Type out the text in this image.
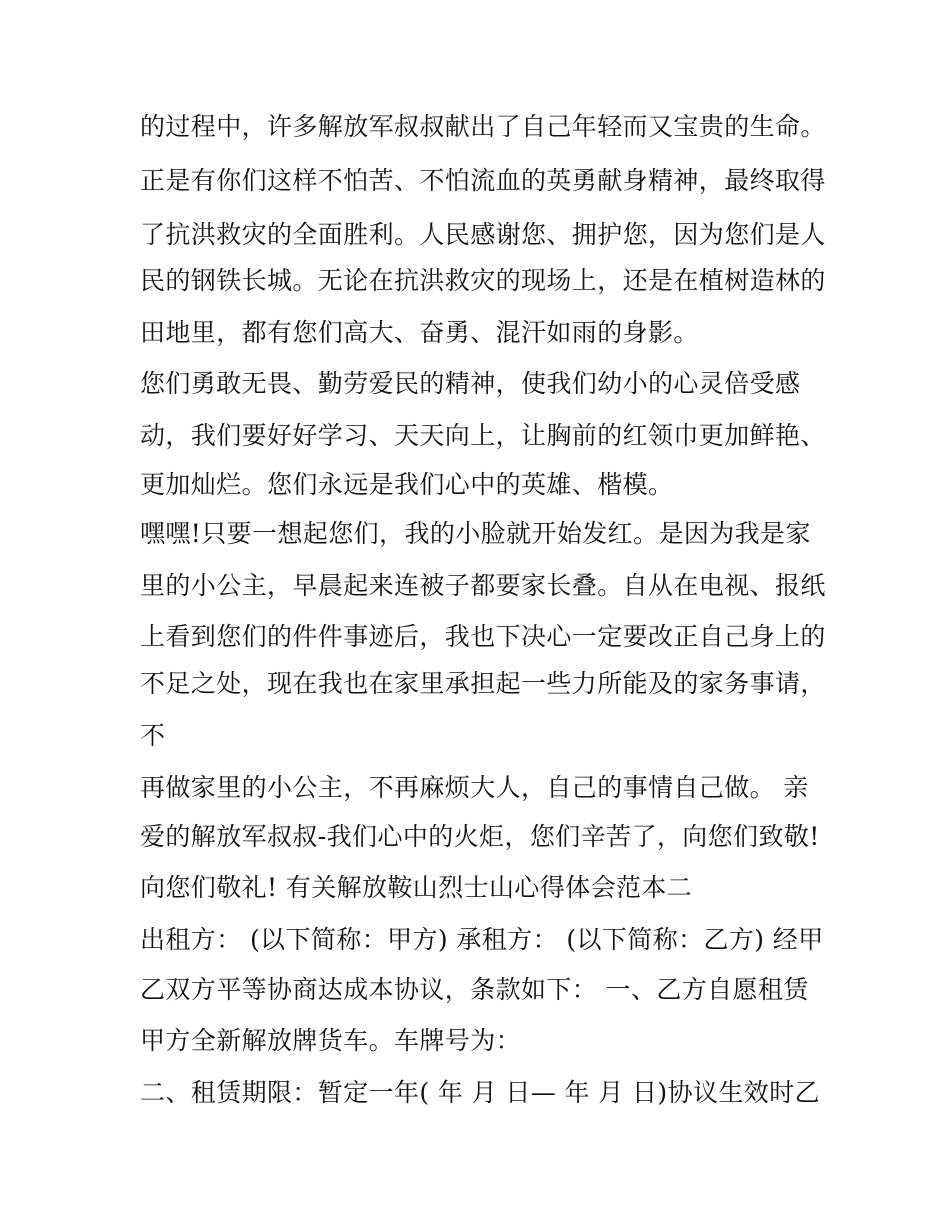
的过程中，许多解放军叔叔献出了自己年轻而又宝贵的生命。
正是有你们这样不怕苦、不怕流血的英勇献身精神，最终取得
了抗洪救灾的全面胜利。人民感谢您、拥护您，因为您们是人
民的钢铁长城。无论在抗洪救灾的现场上，还是在植树造林的
田地里，都有您们高大、奋勇、混汗如雨的身影。
您们勇敢无畏、勤劳爱民的精神，使我们幼小的心灵倍受感
动，我们要好好学习、天天向上，让胸前的红领巾更加鲜艳、
更加灿烂。您们永远是我们心中的英雄、楷模。
嘿嘿!只要一想起您们，我的小脸就开始发红。是因为我是家
里的小公主，早晨起来连被子都要家长叠。自从在电视、报纸
上看到您们的件件事迹后，我也下决心一定要改正自己身上的
不足之处，现在我也在家里承担起一些力所能及的家务事请，
不
再做家里的小公主，不再麻烦大人，自己的事情自己做。 亲
爱的解放军叔叔-我们心中的火炬，您们辛苦了，向您们致敬!
向您们敬礼! 有关解放鞍山烈士山心得体会范本二
出租方： (以下简称：甲方) 承租方： (以下简称：乙方) 经甲
乙双方平等协商达成本协议，条款如下： 一、乙方自愿租赁
甲方全新解放牌货车。车牌号为：
二、租赁期限：暂定一年( 年 月 日— 年 月 日)协议生效时乙
